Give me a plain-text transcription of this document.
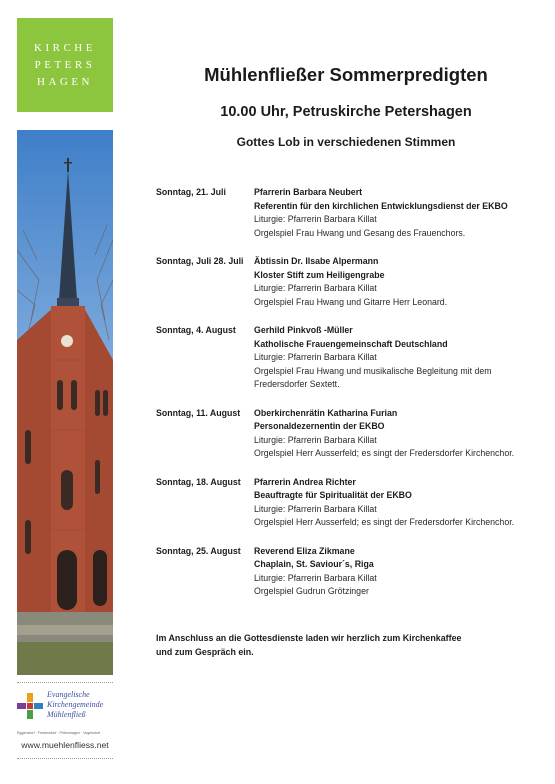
KIRCHE
PETERS
HAGEN
Evangelische
Kirchengemeinde
Mühlenfließ
Eggersdorf · Fredersdorf · Petershagen · Vogelsdorf
www.muehlenfliess.net
Mühlenfließer Sommerpredigten
10.00 Uhr, Petruskirche Petershagen
Gottes Lob in verschiedenen Stimmen
Sonntag, 21. Juli	Pfarrerin Barbara Neubert
Referentin für den kirchlichen Entwicklungsdienst der EKBO
Liturgie: Pfarrerin Barbara Killat
Orgelspiel Frau Hwang und Gesang des Frauenchors.
Sonntag, Juli 28. Juli	Äbtissin Dr. Ilsabe Alpermann
Kloster Stift zum Heiligengrabe
Liturgie: Pfarrerin Barbara Killat
Orgelspiel Frau Hwang und Gitarre Herr Leonard.
Sonntag, 4. August	Gerhild Pinkvoß -Müller
Katholische Frauengemeinschaft Deutschland
Liturgie: Pfarrerin Barbara Killat
Orgelspiel Frau Hwang und musikalische Begleitung mit dem Fredersdorfer Sextett.
Sonntag, 11. August	Oberkirchenrätin Katharina Furian
Personaldezernentin der EKBO
Liturgie: Pfarrerin Barbara Killat
Orgelspiel Herr Ausserfeld; es singt der Fredersdorfer Kirchenchor.
Sonntag, 18. August	Pfarrerin Andrea Richter
Beauftragte für Spiritualität der EKBO
Liturgie: Pfarrerin Barbara Killat
Orgelspiel Herr Ausserfeld; es singt der Fredersdorfer Kirchenchor.
Sonntag, 25. August	Reverend Eliza Zikmane
Chaplain, St. Saviour´s, Riga
Liturgie: Pfarrerin Barbara Killat
Orgelspiel Gudrun Grötzinger
Im Anschluss an die Gottesdienste laden wir herzlich zum Kirchenkaffee
und zum Gespräch ein.
